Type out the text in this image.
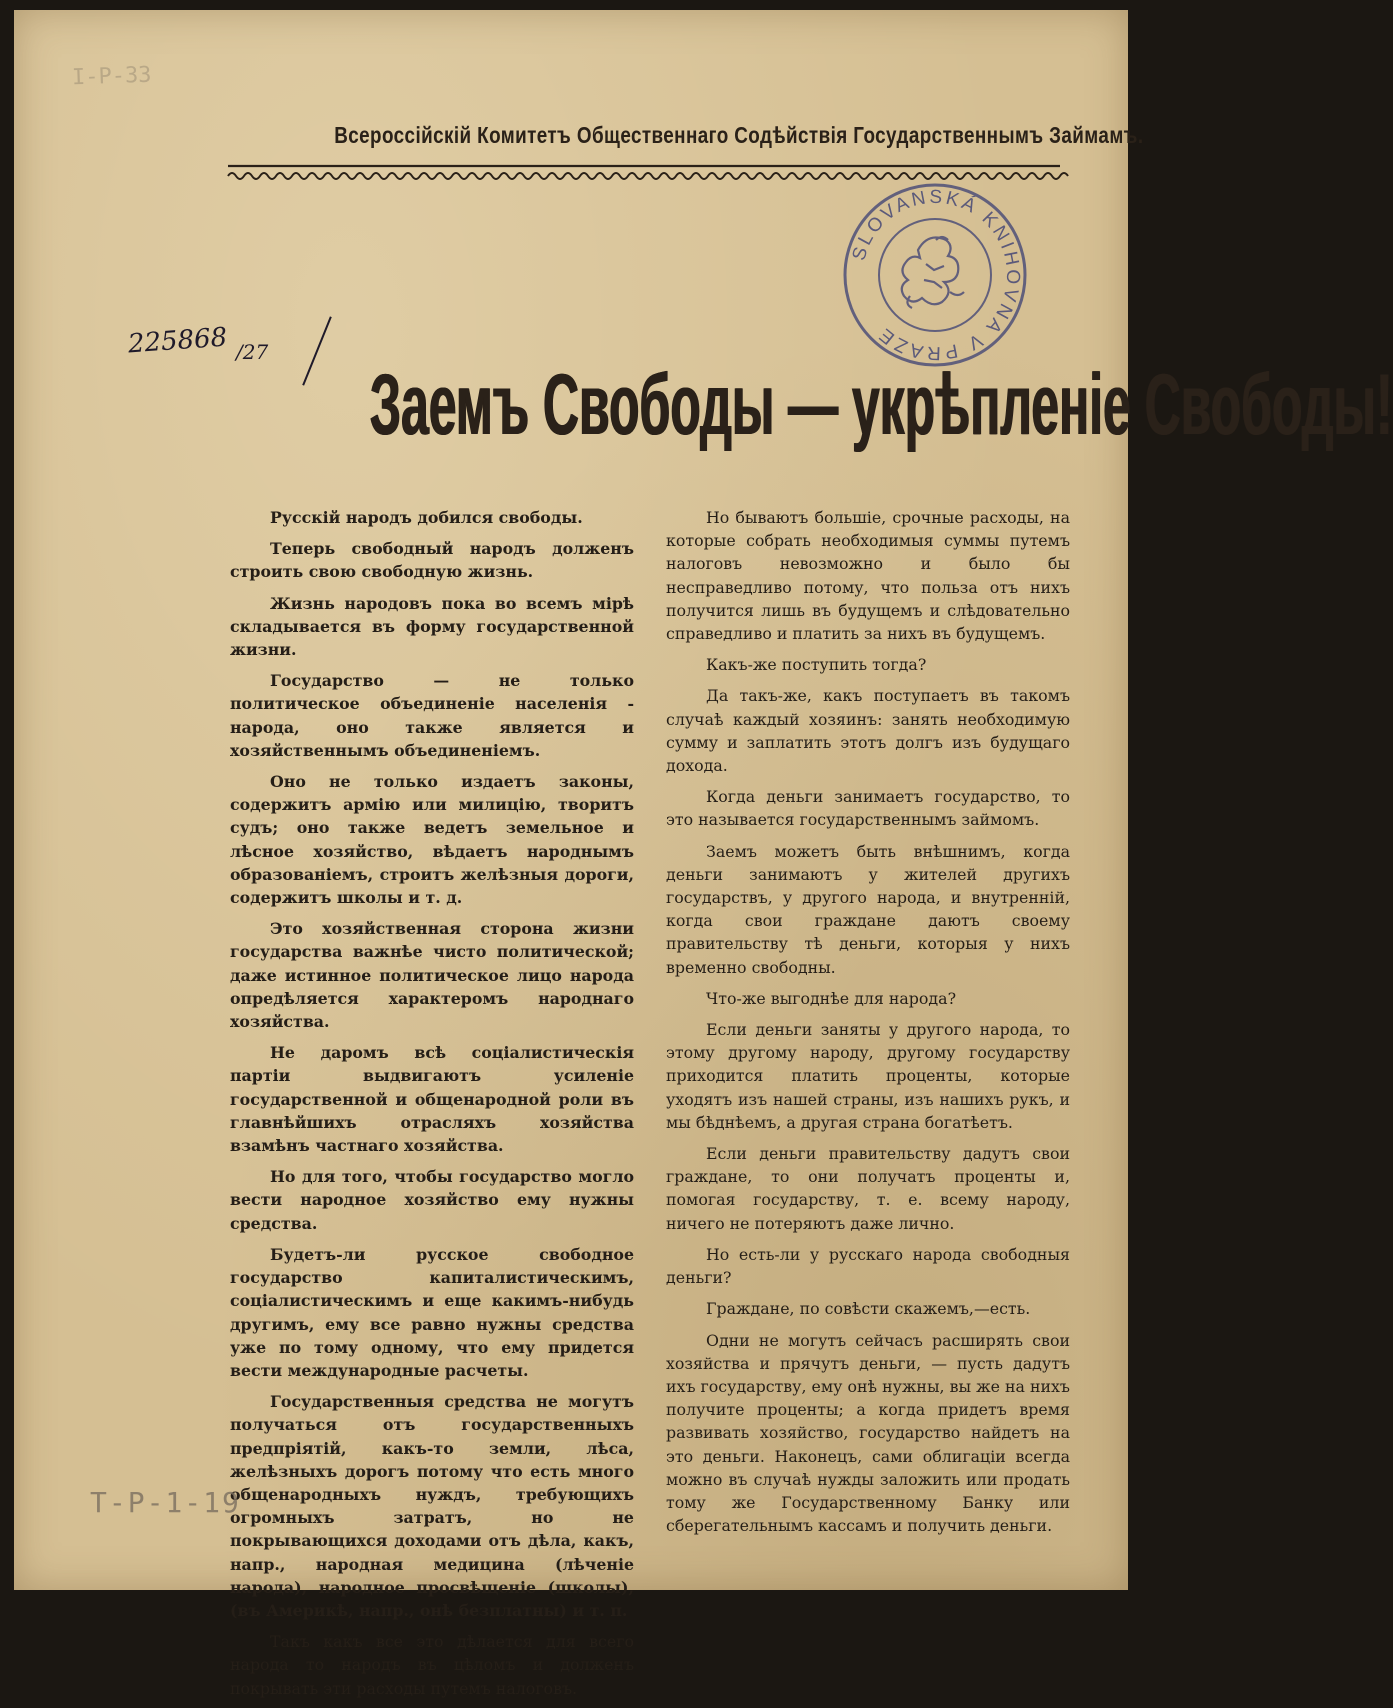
I-P-33
Всероссійскій Комитетъ Общественнаго Содѣйствія Государственнымъ Займамъ.
SLOVANSKÁ KNIHOVNA V PRAZE
225868 /27
Заемъ Свободы — укрѣпленіе Свободы!

Русскій народъ добился свободы.

Теперь свободный народъ долженъ строить свою свободную жизнь.

Жизнь народовъ пока во всемъ мірѣ складывается въ форму государственной жизни.

Государство — не только политическое объединеніе населенія - народа, оно также является и хозяйственнымъ объединеніемъ.

Оно не только издаетъ законы, содержитъ армію или милицію, творитъ судъ; оно также ведетъ земельное и лѣсное хозяйство, вѣдаетъ народнымъ образованіемъ, строитъ желѣзныя дороги, содержитъ школы и т. д.

Это хозяйственная сторона жизни государства важнѣе чисто политической; даже истинное политическое лицо народа опредѣляется характеромъ народнаго хозяйства.

Не даромъ всѣ соціалистическія партіи выдвигаютъ усиленіе государственной и общенародной роли въ главнѣйшихъ отрасляхъ хозяйства взамѣнъ частнаго хозяйства.

Но для того, чтобы государство могло вести народное хозяйство ему нужны средства.

Будетъ-ли русское свободное государство капиталистическимъ, соціалистическимъ и еще какимъ-нибудь другимъ, ему все равно нужны средства уже по тому одному, что ему придется вести международные расчеты.

Государственныя средства не могутъ получаться отъ государственныхъ предпріятій, какъ-то земли, лѣса, желѣзныхъ дорогъ потому что есть много общенародныхъ нуждъ, требующихъ огромныхъ затратъ, но не покрывающихся доходами отъ дѣла, какъ, напр., народная медицина (лѣченіе народа), народное просвѣщеніе (школы), (въ Америкѣ, напр., онѣ безплатны) и т. п.

Такъ какъ все это дѣлается для всего народа то народъ въ цѣломъ и долженъ покрывать эти расходы путемъ налоговъ.

Но бываютъ большіе, срочные расходы, на которые собрать необходимыя суммы путемъ налоговъ невозможно и было бы несправедливо потому, что польза отъ нихъ получится лишь въ будущемъ и слѣдовательно справедливо и платить за нихъ въ будущемъ.

Какъ-же поступить тогда?

Да такъ-же, какъ поступаетъ въ такомъ случаѣ каждый хозяинъ: занять необходимую сумму и заплатить этотъ долгъ изъ будущаго дохода.

Когда деньги занимаетъ государство, то это называется государственнымъ займомъ.

Заемъ можетъ быть внѣшнимъ, когда деньги занимаютъ у жителей другихъ государствъ, у другого народа, и внутренній, когда свои граждане даютъ своему правительству тѣ деньги, которыя у нихъ временно свободны.

Что-же выгоднѣе для народа?

Если деньги заняты у другого народа, то этому другому народу, другому государству приходится платить проценты, которые уходятъ изъ нашей страны, изъ нашихъ рукъ, и мы бѣднѣемъ, а другая страна богатѣетъ.

Если деньги правительству дадутъ свои граждане, то они получатъ проценты и, помогая государству, т. е. всему народу, ничего не потеряютъ даже лично.

Но есть-ли у русскаго народа свободныя деньги?

Граждане, по совѣсти скажемъ,—есть.

Одни не могутъ сейчасъ расширять свои хозяйства и прячутъ деньги, — пусть дадутъ ихъ государству, ему онѣ нужны, вы же на нихъ получите проценты; а когда придетъ время развивать хозяйство, государство найдетъ на это деньги. Наконецъ, сами облигаціи всегда можно въ случаѣ нужды заложить или продать тому же Государственному Банку или сберегательнымъ кассамъ и получить деньги.

T-P-1-19
